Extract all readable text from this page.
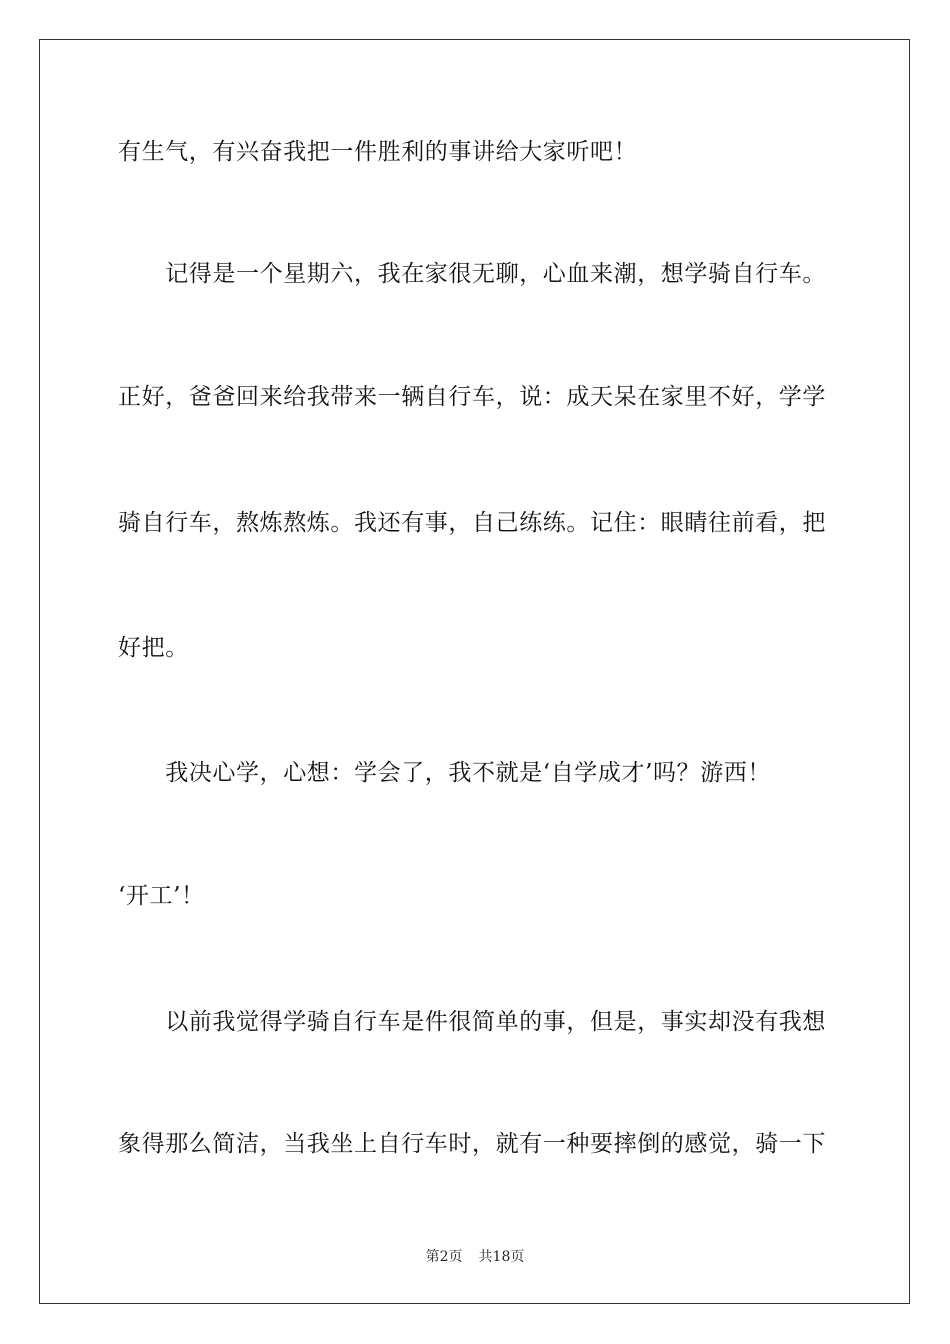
有生气，有兴奋我把一件胜利的事讲给大家听吧！
　　记得是一个星期六，我在家很无聊，心血来潮，想学骑自行车。
正好，爸爸回来给我带来一辆自行车，说：成天呆在家里不好，学学
骑自行车，熬炼熬炼。我还有事，自己练练。记住：眼睛往前看，把
好把。
　　我决心学，心想：学会了，我不就是‘自学成才’吗？游西！
‘开工’！
　　以前我觉得学骑自行车是件很简单的事，但是，事实却没有我想
象得那么简洁，当我坐上自行车时，就有一种要摔倒的感觉，骑一下
第2页 共18页
